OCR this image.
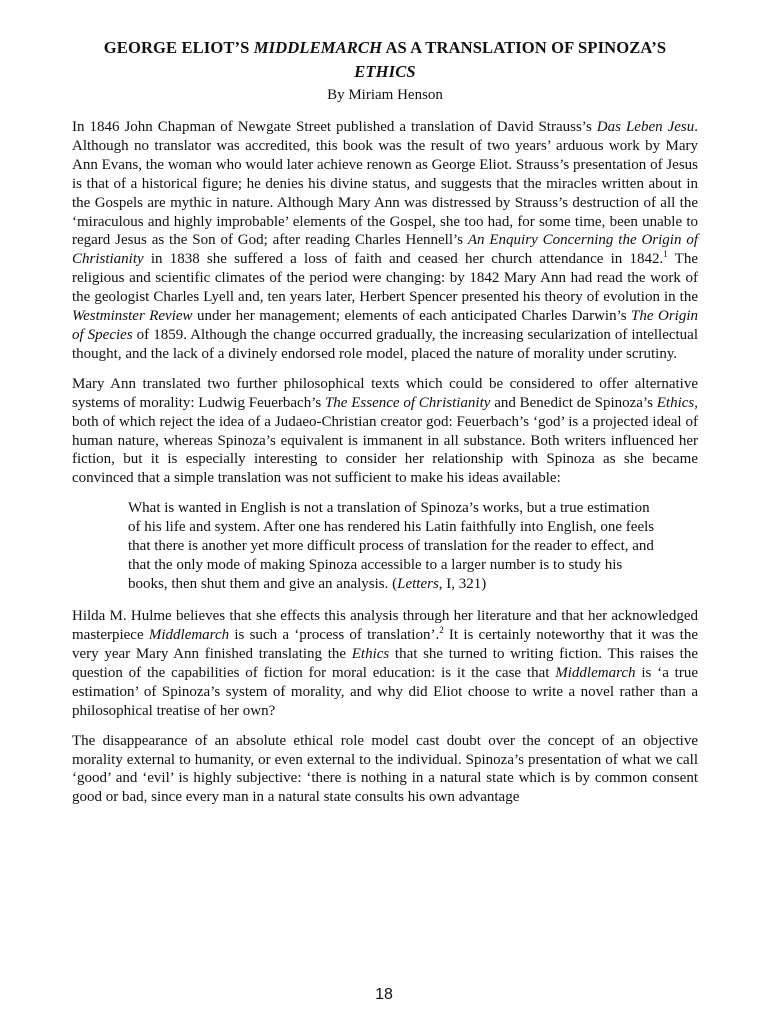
GEORGE ELIOT’S MIDDLEMARCH AS A TRANSLATION OF SPINOZA’S
ETHICS
By Miriam Henson

In 1846 John Chapman of Newgate Street published a translation of David Strauss’s Das Leben Jesu. Although no translator was accredited, this book was the result of two years’ arduous work by Mary Ann Evans, the woman who would later achieve renown as George Eliot. Strauss’s presentation of Jesus is that of a historical figure; he denies his divine status, and suggests that the miracles written about in the Gospels are mythic in nature. Although Mary Ann was distressed by Strauss’s destruction of all the ‘miraculous and highly improbable’ elements of the Gospel, she too had, for some time, been unable to regard Jesus as the Son of God; after reading Charles Hennell’s An Enquiry Concerning the Origin of Christianity in 1838 she suffered a loss of faith and ceased her church attendance in 1842.$^1$ The religious and scientific climates of the period were changing: by 1842 Mary Ann had read the work of the geologist Charles Lyell and, ten years later, Herbert Spencer presented his theory of evolution in the Westminster Review under her management; elements of each anticipated Charles Darwin’s The Origin of Species of 1859. Although the change occurred gradually, the increasing secularization of intellectual thought, and the lack of a divinely endorsed role model, placed the nature of morality under scrutiny.

Mary Ann translated two further philosophical texts which could be considered to offer alternative systems of morality: Ludwig Feuerbach’s The Essence of Christianity and Benedict de Spinoza’s Ethics, both of which reject the idea of a Judaeo-Christian creator god: Feuerbach’s ‘god’ is a projected ideal of human nature, whereas Spinoza’s equivalent is immanent in all substance. Both writers influenced her fiction, but it is especially interesting to consider her relationship with Spinoza as she became convinced that a simple translation was not sufficient to make his ideas available:

What is wanted in English is not a translation of Spinoza’s works, but a true estimation of his life and system. After one has rendered his Latin faithfully into English, one feels that there is another yet more difficult process of translation for the reader to effect, and that the only mode of making Spinoza accessible to a larger number is to study his books, then shut them and give an analysis. (Letters, I, 321)

Hilda M. Hulme believes that she effects this analysis through her literature and that her acknowledged masterpiece Middlemarch is such a ‘process of translation’.$^2$ It is certainly noteworthy that it was the very year Mary Ann finished translating the Ethics that she turned to writing fiction. This raises the question of the capabilities of fiction for moral education: is it the case that Middlemarch is ‘a true estimation’ of Spinoza’s system of morality, and why did Eliot choose to write a novel rather than a philosophical treatise of her own?

The disappearance of an absolute ethical role model cast doubt over the concept of an objective morality external to humanity, or even external to the individual. Spinoza’s presentation of what we call ‘good’ and ‘evil’ is highly subjective: ‘there is nothing in a natural state which is by common consent good or bad, since every man in a natural state consults his own advantage

18
